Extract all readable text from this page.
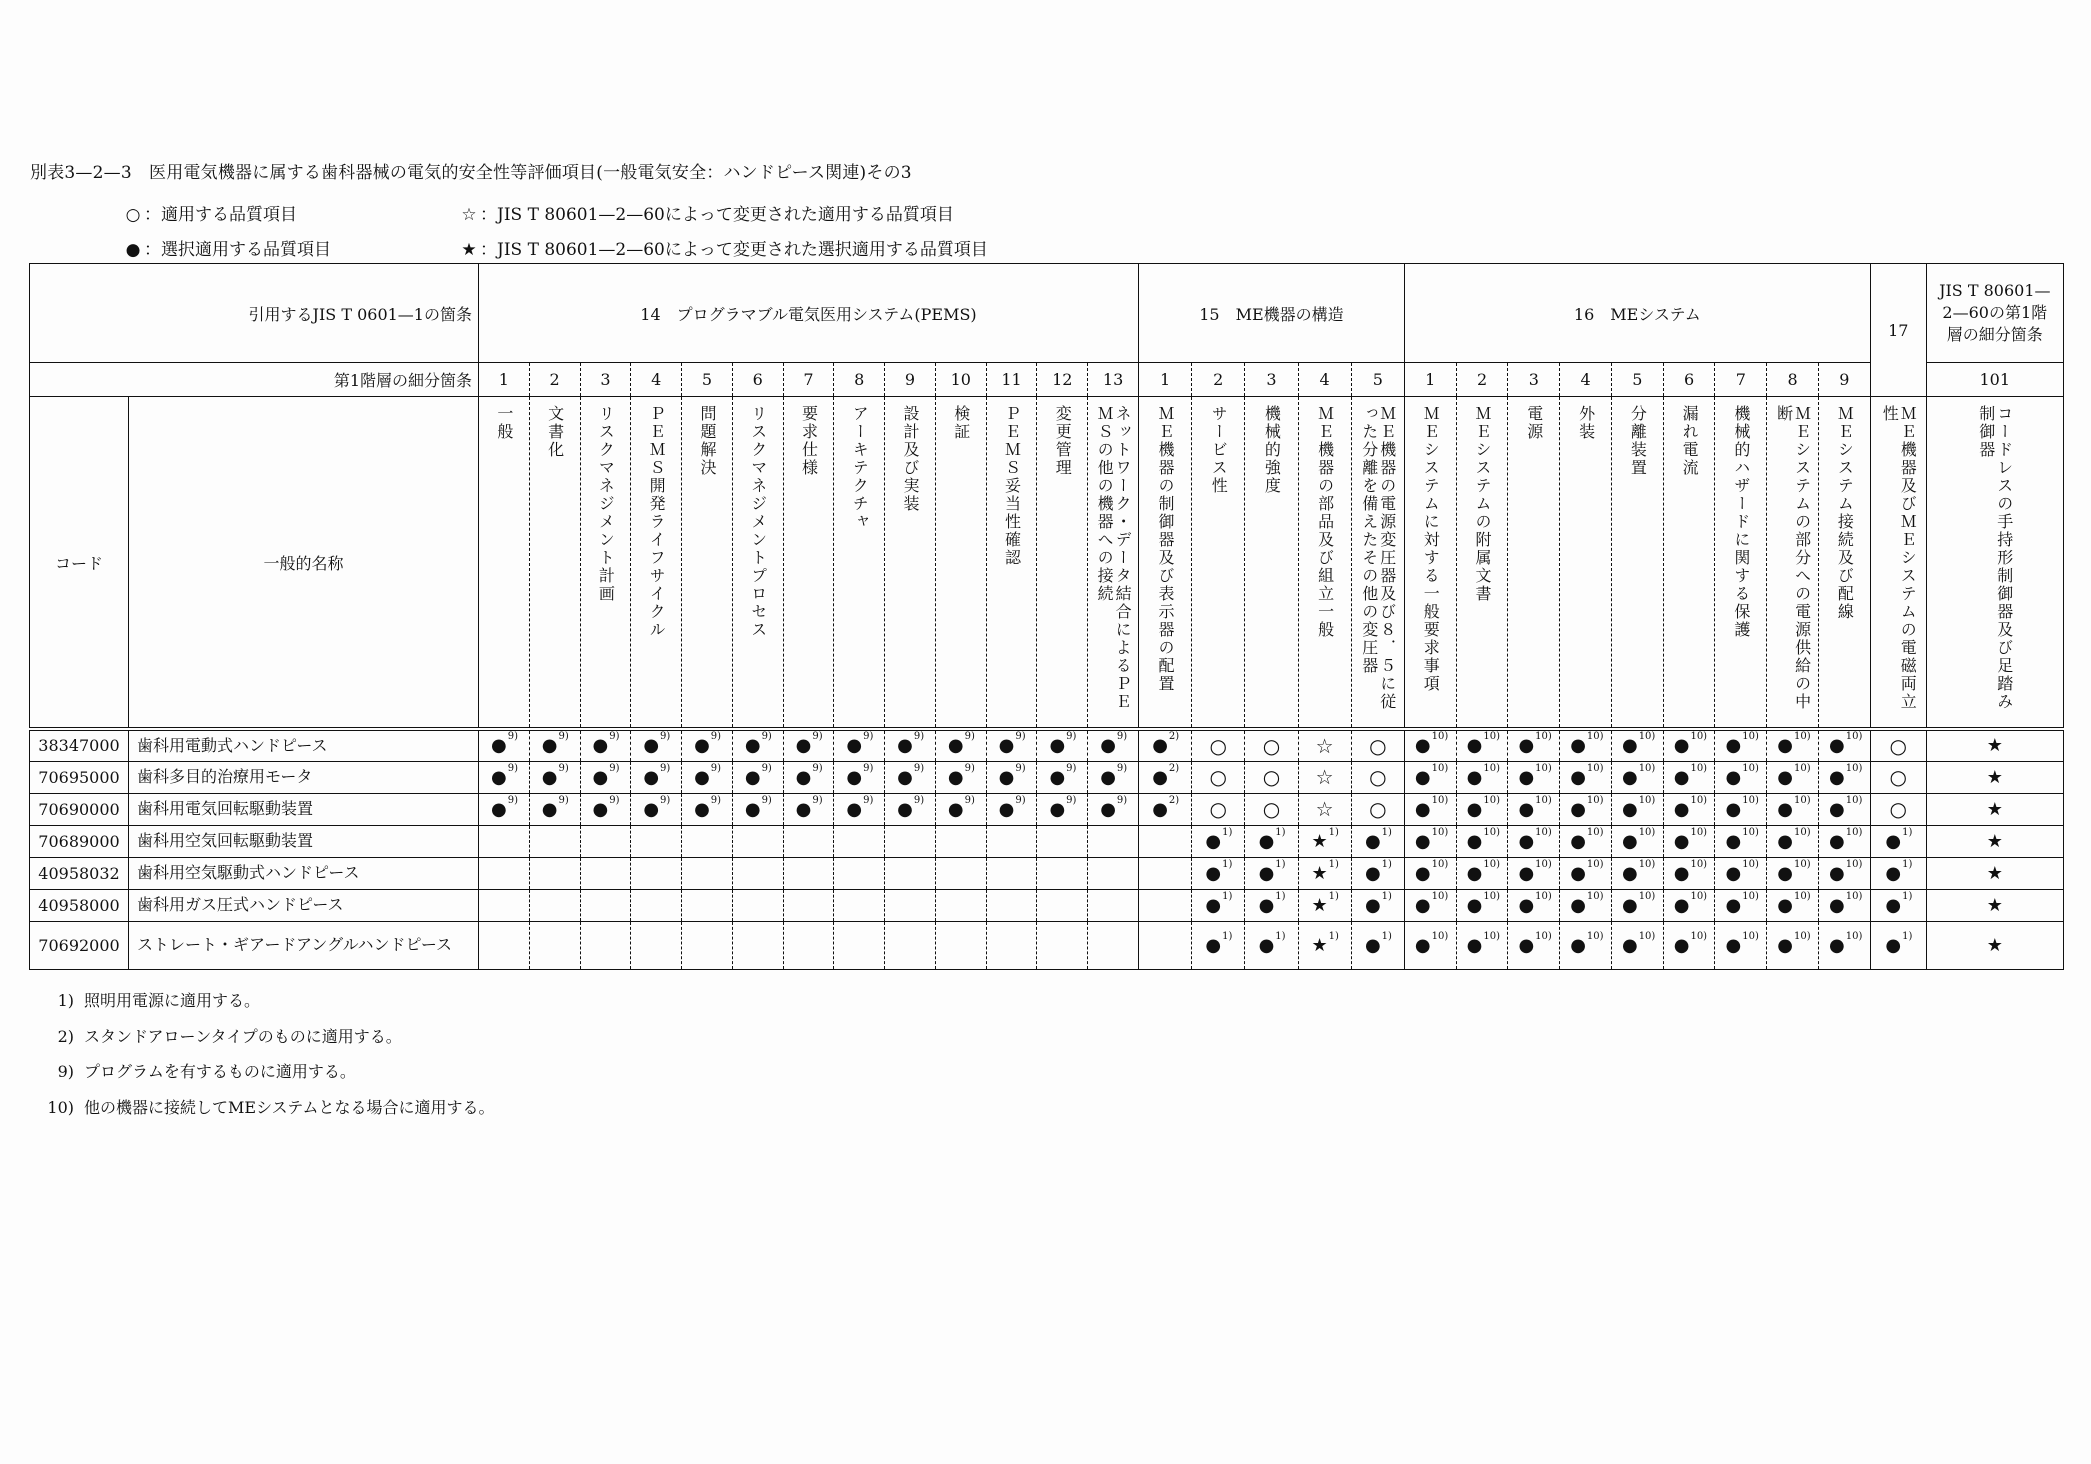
別表3—2—3　医用電気機器に属する歯科器械の電気的安全性等評価項目(一般電気安全：ハンドピース関連)その3
○ ：適用する品質項目
● ：選択適用する品質項目
☆ ：JIS T 80601—2—60によって変更された適用する品質項目
★ ：JIS T 80601—2—60によって変更された選択適用する品質項目
引用するJIS T 0601—1の箇条		14　プログラマブル電気医用システム(PEMS)													15　ME機器の構造					16　MEシステム									17	JIS T 80601—2—60の第1階層の細分箇条
第1階層の細分箇条		1	2	3	4	5	6	7	8	9	10	11	12	13	1	2	3	4	5	1	2	3	4	5	6	7	8	9		101
コード	一般的名称	一般	文書化	リスクマネジメント計画	ＰＥＭＳ開発ライフサイクル	問題解決	リスクマネジメントプロセス	要求仕様	アーキテクチャ	設計及び実装	検証	ＰＥＭＳ妥当性確認	変更管理	ネットワーク・データ結合によるＰＥＭＳの他の機器への接続	ＭＥ機器の制御器及び表示器の配置	サービス性	機械的強度	ＭＥ機器の部品及び組立一般	ＭＥ機器の電源変圧器及び８．５に従った分離を備えたその他の変圧器	ＭＥシステムに対する一般要求事項	ＭＥシステムの附属文書	電源	外装	分離装置	漏れ電流	機械的ハザードに関する保護	ＭＥシステムの部分への電源供給の中断	ＭＥシステム接続及び配線	ＭＥ機器及びＭＥシステムの電磁両立性	コードレスの手持形制御器及び足踏み制御器
38347000	歯科用電動式ハンドピース	● 9)	● 9)	● 9)	● 9)	● 9)	● 9)	● 9)	● 9)	● 9)	● 9)	● 9)	● 9)	● 9)	● 2)	○	○	☆	○	● 10)	● 10)	● 10)	● 10)	● 10)	● 10)	● 10)	● 10)	● 10)	○	★
70695000	歯科多目的治療用モータ	● 9)	● 9)	● 9)	● 9)	● 9)	● 9)	● 9)	● 9)	● 9)	● 9)	● 9)	● 9)	● 9)	● 2)	○	○	☆	○	● 10)	● 10)	● 10)	● 10)	● 10)	● 10)	● 10)	● 10)	● 10)	○	★
70690000	歯科用電気回転駆動装置	● 9)	● 9)	● 9)	● 9)	● 9)	● 9)	● 9)	● 9)	● 9)	● 9)	● 9)	● 9)	● 9)	● 2)	○	○	☆	○	● 10)	● 10)	● 10)	● 10)	● 10)	● 10)	● 10)	● 10)	● 10)	○	★
70689000	歯科用空気回転駆動装置															● 1)	● 1)	★ 1)	● 1)	● 10)	● 10)	● 10)	● 10)	● 10)	● 10)	● 10)	● 10)	● 10)	● 1)	★
40958032	歯科用空気駆動式ハンドピース															● 1)	● 1)	★ 1)	● 1)	● 10)	● 10)	● 10)	● 10)	● 10)	● 10)	● 10)	● 10)	● 10)	● 1)	★
40958000	歯科用ガス圧式ハンドピース															● 1)	● 1)	★ 1)	● 1)	● 10)	● 10)	● 10)	● 10)	● 10)	● 10)	● 10)	● 10)	● 10)	● 1)	★
70692000	ストレート・ギアードアングルハンドピース															● 1)	● 1)	★ 1)	● 1)	● 10)	● 10)	● 10)	● 10)	● 10)	● 10)	● 10)	● 10)	● 10)	● 1)	★
1) 照明用電源に適用する。
2) スタンドアローンタイプのものに適用する。
9) プログラムを有するものに適用する。
10) 他の機器に接続してMEシステムとなる場合に適用する。
